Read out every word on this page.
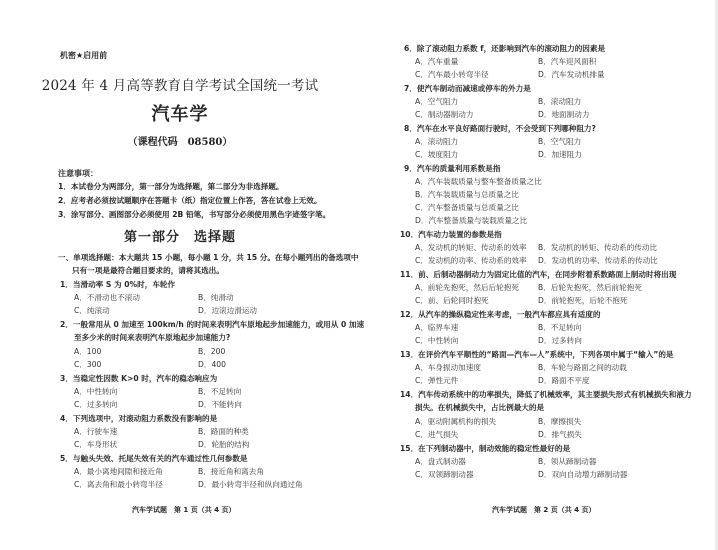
机密★启用前
2024 年 4 月高等教育自学考试全国统一考试
汽车学
（课程代码　08580）
注意事项：
1．本试卷分为两部分，第一部分为选择题，第二部分为非选择题。
2．应考者必须按试题顺序在答题卡（纸）指定位置上作答，答在试卷上无效。
3．涂写部分、画图部分必须使用 2B 铅笔，书写部分必须使用黑色字迹签字笔。
第一部分　选择题
一、单项选择题：本大题共 15 小题，每小题 1 分，共 15 分。在每小题列出的备选项中
只有一项是最符合题目要求的，请将其选出。
1．当滑动率 S 为 0%时，车轮作
A．不滑动也不滚动	B．纯滑动
C．纯滚动	D．边滚边滑运动
2．一般常用从 0 加速至 100km/h 的时间来表明汽车原地起步加速能力，或用从 0 加速
至多少米的时间来表明汽车原地起步加速能力?
A．100	B．200
C．300	D．400
3．当稳定性因数 K>0 时，汽车的稳态响应为
A．中性转向	B．不足转向
C．过多转向	D．不能转向
4．下列选项中，对滚动阻力系数没有影响的是
A．行驶车速	B．路面的种类
C．车身形状	D．轮胎的结构
5．与触头失效、托尾失效有关的汽车通过性几何参数是
A．最小离地间隙和接近角	B．接近角和离去角
C．离去角和最小转弯半径	D．最小转弯半径和纵向通过角
汽车学试题　第 1 页（共 4 页）
6．除了滚动阻力系数 f，还影响到汽车的滚动阻力的因素是
A．汽车重量	B．汽车迎风面积
C．汽车最小转弯半径	D．汽车发动机排量
7．使汽车制动而减速或停车的外力是
A．空气阻力	B．滚动阻力
C．制动器制动力	D．地面制动力
8．汽车在水平良好路面行驶时，不会受到下列哪种阻力?
A．滚动阻力	B．空气阻力
C．坡度阻力	D．加速阻力
9．汽车的质量利用系数是指
A．汽车装载质量与整车整备质量之比
B．汽车装载质量与总质量之比
C．汽车整备质量与总质量之比
D．汽车整备质量与装载质量之比
10．汽车动力装置的参数是指
A．发动机的转矩、传动系的效率 B．发动机的转矩、传动系的传动比
C．发动机的功率、传动系的效率 D．发动机的功率、传动系的传动比
11．前、后制动器制动力为固定比值的汽车，在同步附着系数路面上制动时将出现
A．前轮先抱死，然后后轮抱死	B．后轮先抱死，然后前轮抱死
C．前、后轮同时抱死	D．前轮抱死，后轮不抱死
12．从汽车的操纵稳定性来考虑，一般汽车都应具有适度的
A．临界车速	B．不足转向
C．中性转向	D．过多转向
13．在评价汽车平顺性的“路面—汽车—人”系统中，下列各项中属于“输入”的是
A．车身振动加速度	B．车轮与路面之间的动载
C．弹性元件	D．路面不平度
14．汽车传动系统中的功率损失，降低了机械效率，其主要损失形式有机械损失和液力
损失。在机械损失中，占比例最大的是
A．驱动附属机构的损失	B．摩擦损失
C．进气损失	D．排气损失
15．在下列制动器中，制动效能的稳定性最好的是
A．盘式制动器	B．领从蹄制动器
C．双领蹄制动器	D．双向自动增力蹄制动器
汽车学试题　第 2 页（共 4 页）
